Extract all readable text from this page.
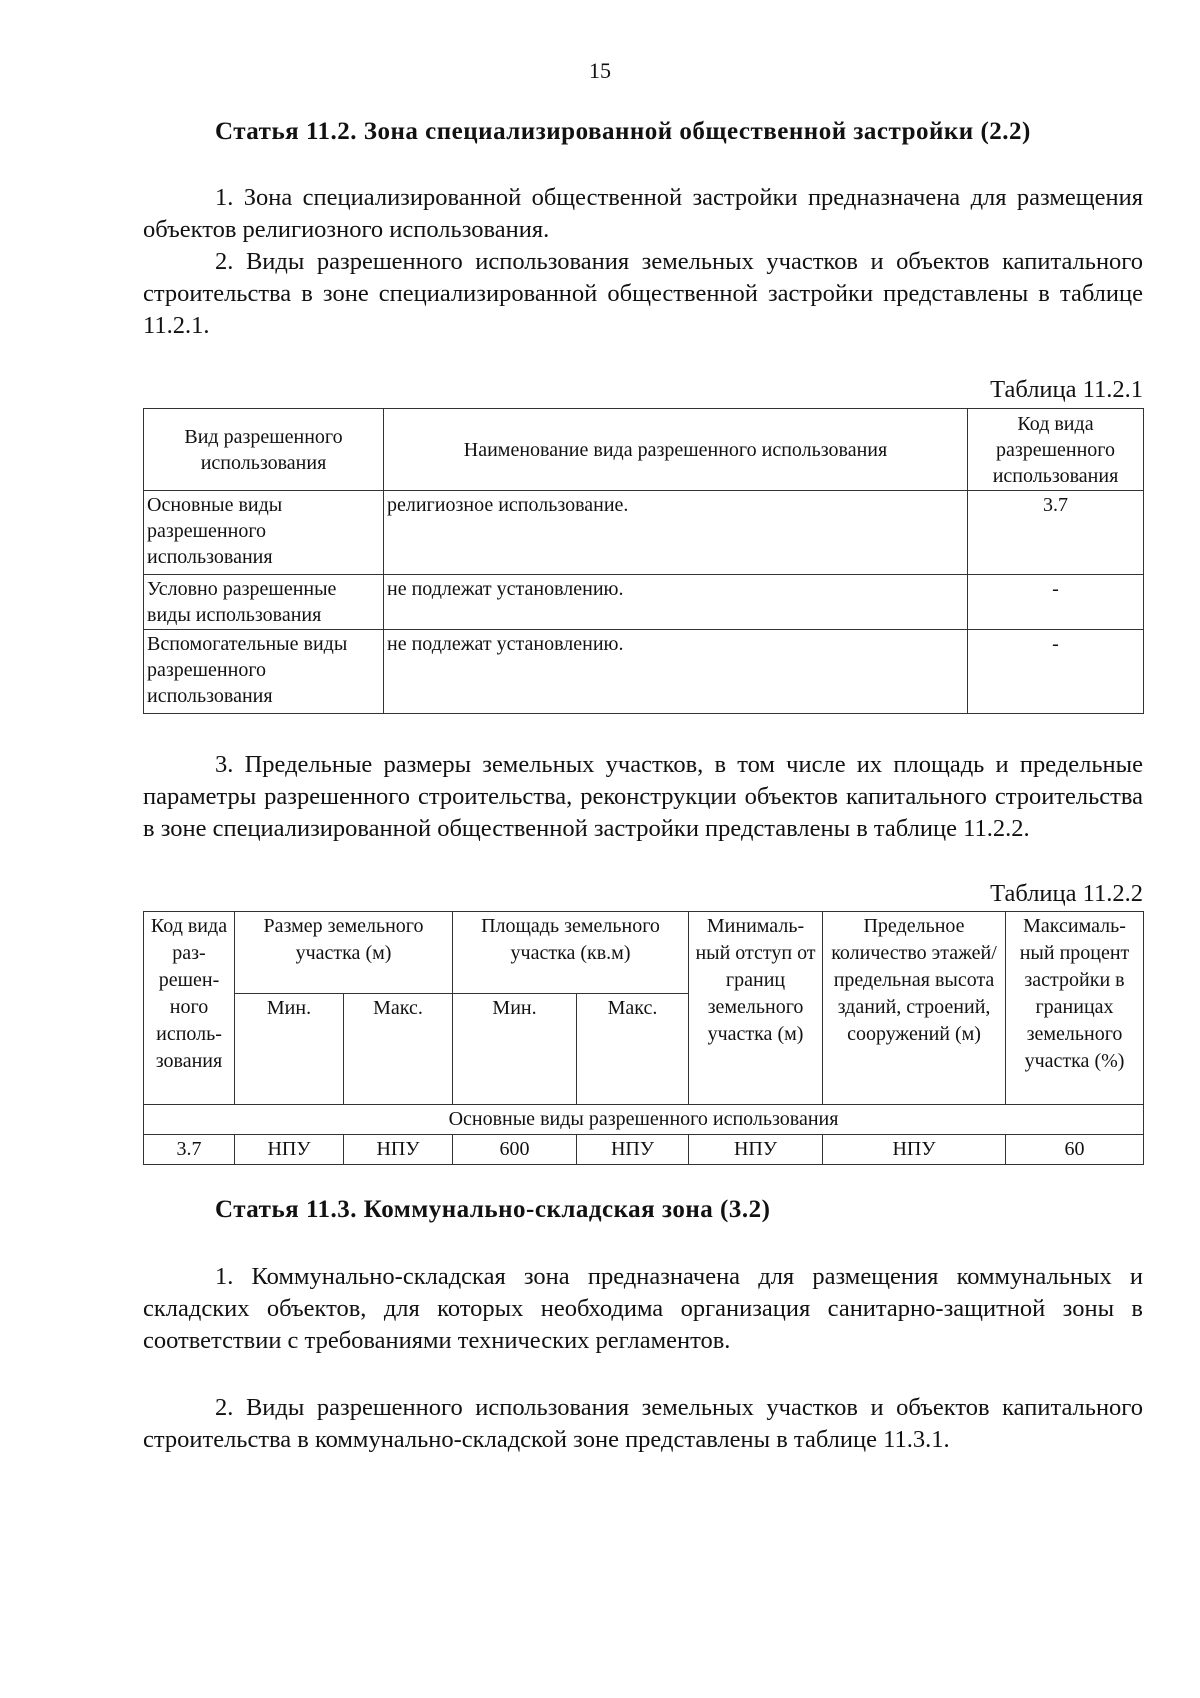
15
Статья 11.2. Зона специализированной общественной застройки (2.2)
1. Зона специализированной общественной застройки предназначена для размещения объектов религиозного использования.
2. Виды разрешенного использования земельных участков и объектов капитального строительства в зоне специализированной общественной застройки представлены в таблице 11.2.1.
Таблица 11.2.1
Вид разрешенного использования	Наименование вида разрешенного использования	Код вида разрешенного использования
Основные виды разрешенного использования	религиозное использование.	3.7
Условно разрешенные виды использования	не подлежат установлению.	-
Вспомогательные виды разрешенного использования	не подлежат установлению.	-
3. Предельные размеры земельных участков, в том числе их площадь и предельные параметры разрешенного строительства, реконструкции объектов капитального строительства в зоне специализированной общественной застройки представлены в таблице 11.2.2.
Таблица 11.2.2
Код вида раз-решен-ного исполь-зования	Размер земельного участка (м)		Площадь земельного участка (кв.м)		Минималь-ный отступ от границ земельного участка (м)	Предельное количество этажей/ предельная высота зданий, строений, сооружений (м)	Максималь-ный процент застройки в границах земельного участка (%)
	Мин.	Макс.	Мин.	Макс.			
Основные виды разрешенного использования							
3.7	НПУ	НПУ	600	НПУ	НПУ	НПУ	60
Статья 11.3. Коммунально-складская зона (3.2)
1. Коммунально-складская зона предназначена для размещения коммунальных и складских объектов, для которых необходима организация санитарно-защитной зоны в соответствии с требованиями технических регламентов.
2. Виды разрешенного использования земельных участков и объектов капитального строительства в коммунально-складской зоне представлены в таблице 11.3.1.
